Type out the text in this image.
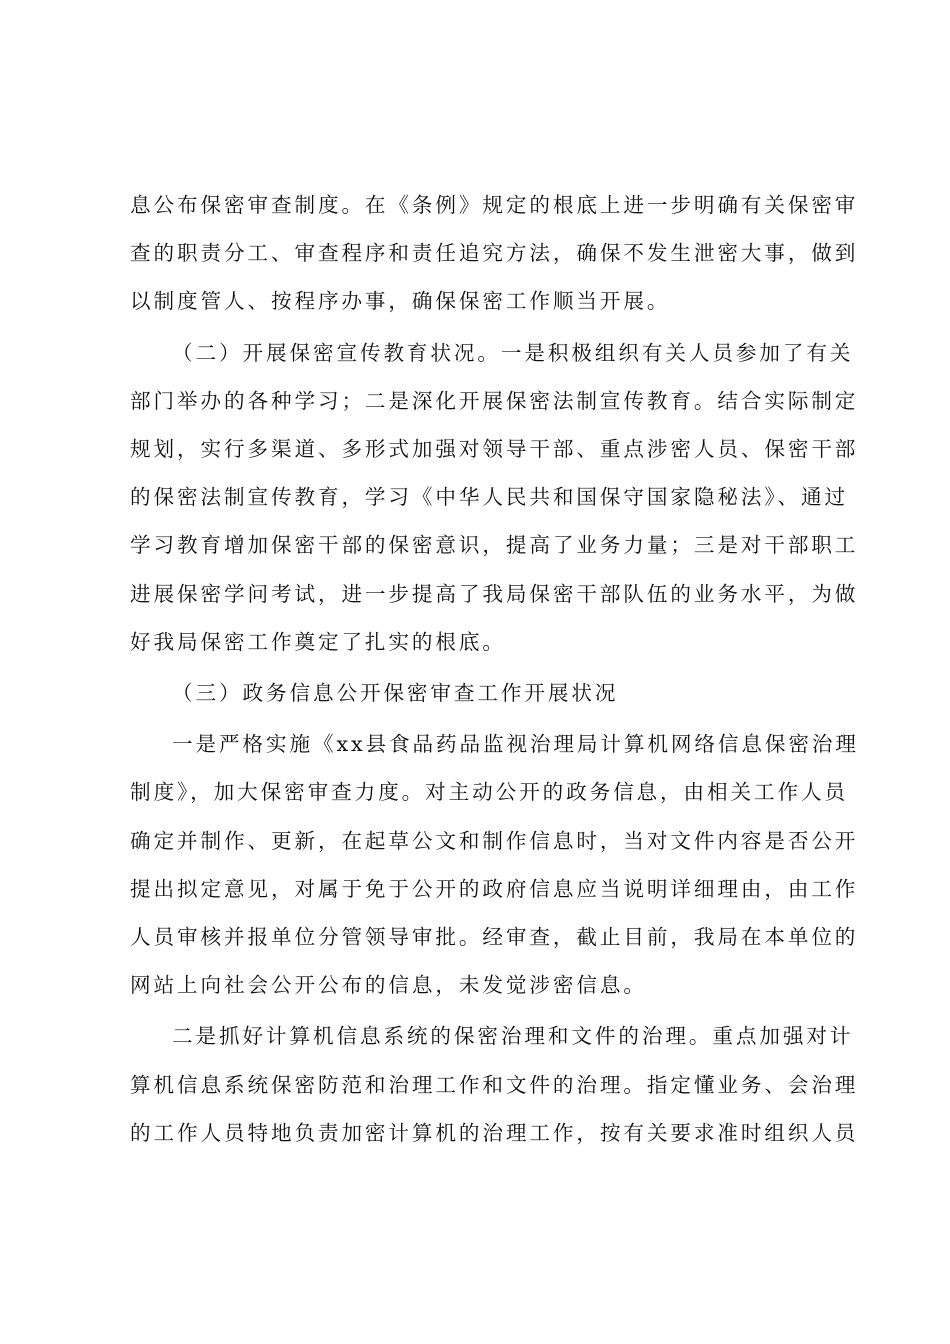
息公布保密审查制度。在《条例》规定的根底上进一步明确有关保密审
查的职责分工、审查程序和责任追究方法，确保不发生泄密大事，做到
以制度管人、按程序办事，确保保密工作顺当开展。

（二）开展保密宣传教育状况。一是积极组织有关人员参加了有关
部门举办的各种学习；二是深化开展保密法制宣传教育。结合实际制定
规划，实行多渠道、多形式加强对领导干部、重点涉密人员、保密干部
的保密法制宣传教育，学习《中华人民共和国保守国家隐秘法》、通过
学习教育增加保密干部的保密意识，提高了业务力量；三是对干部职工
进展保密学问考试，进一步提高了我局保密干部队伍的业务水平，为做
好我局保密工作奠定了扎实的根底。

（三）政务信息公开保密审查工作开展状况

一是严格实施《xx县食品药品监视治理局计算机网络信息保密治理
制度》，加大保密审查力度。对主动公开的政务信息，由相关工作人员
确定并制作、更新，在起草公文和制作信息时，当对文件内容是否公开
提出拟定意见，对属于免于公开的政府信息应当说明详细理由，由工作
人员审核并报单位分管领导审批。经审查，截止目前，我局在本单位的
网站上向社会公开公布的信息，未发觉涉密信息。

二是抓好计算机信息系统的保密治理和文件的治理。重点加强对计
算机信息系统保密防范和治理工作和文件的治理。指定懂业务、会治理
的工作人员特地负责加密计算机的治理工作，按有关要求准时组织人员
